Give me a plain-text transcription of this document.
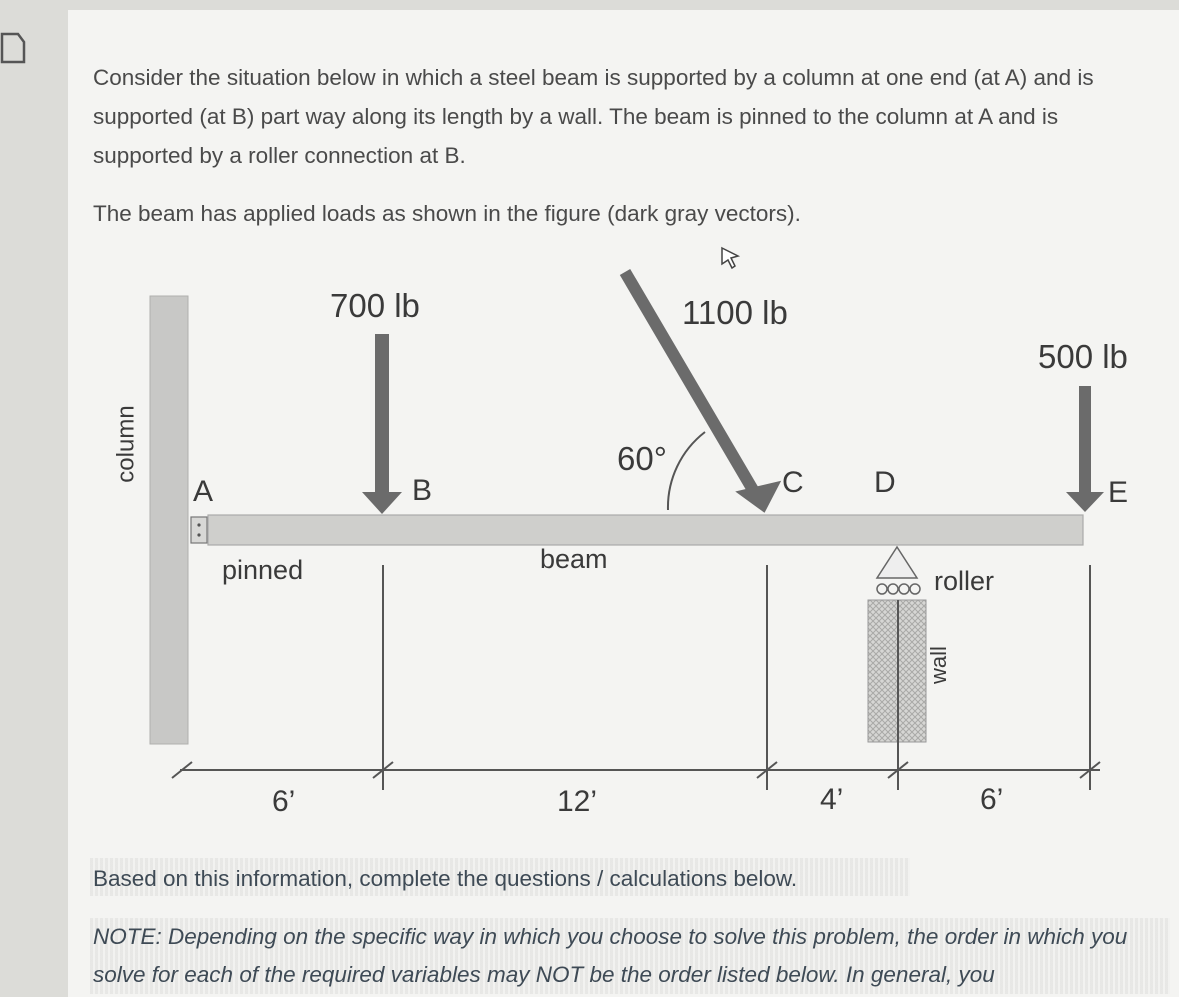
Consider the situation below in which a steel beam is supported by a column at one end (at A) and is supported (at B) part way along its length by a wall. The beam is pinned to the column at A and is supported by a roller connection at B.
The beam has applied loads as shown in the figure (dark gray vectors).
column
700 lb	1100 lb
500 lb
A	B	C D	E
60°
pinned	beam
roller
wall
6’	12’	4’	6’
Based on this information, complete the questions / calculations below.
NOTE: Depending on the specific way in which you choose to solve this problem, the order in which you solve for each of the required variables may NOT be the order listed below. In general, you
